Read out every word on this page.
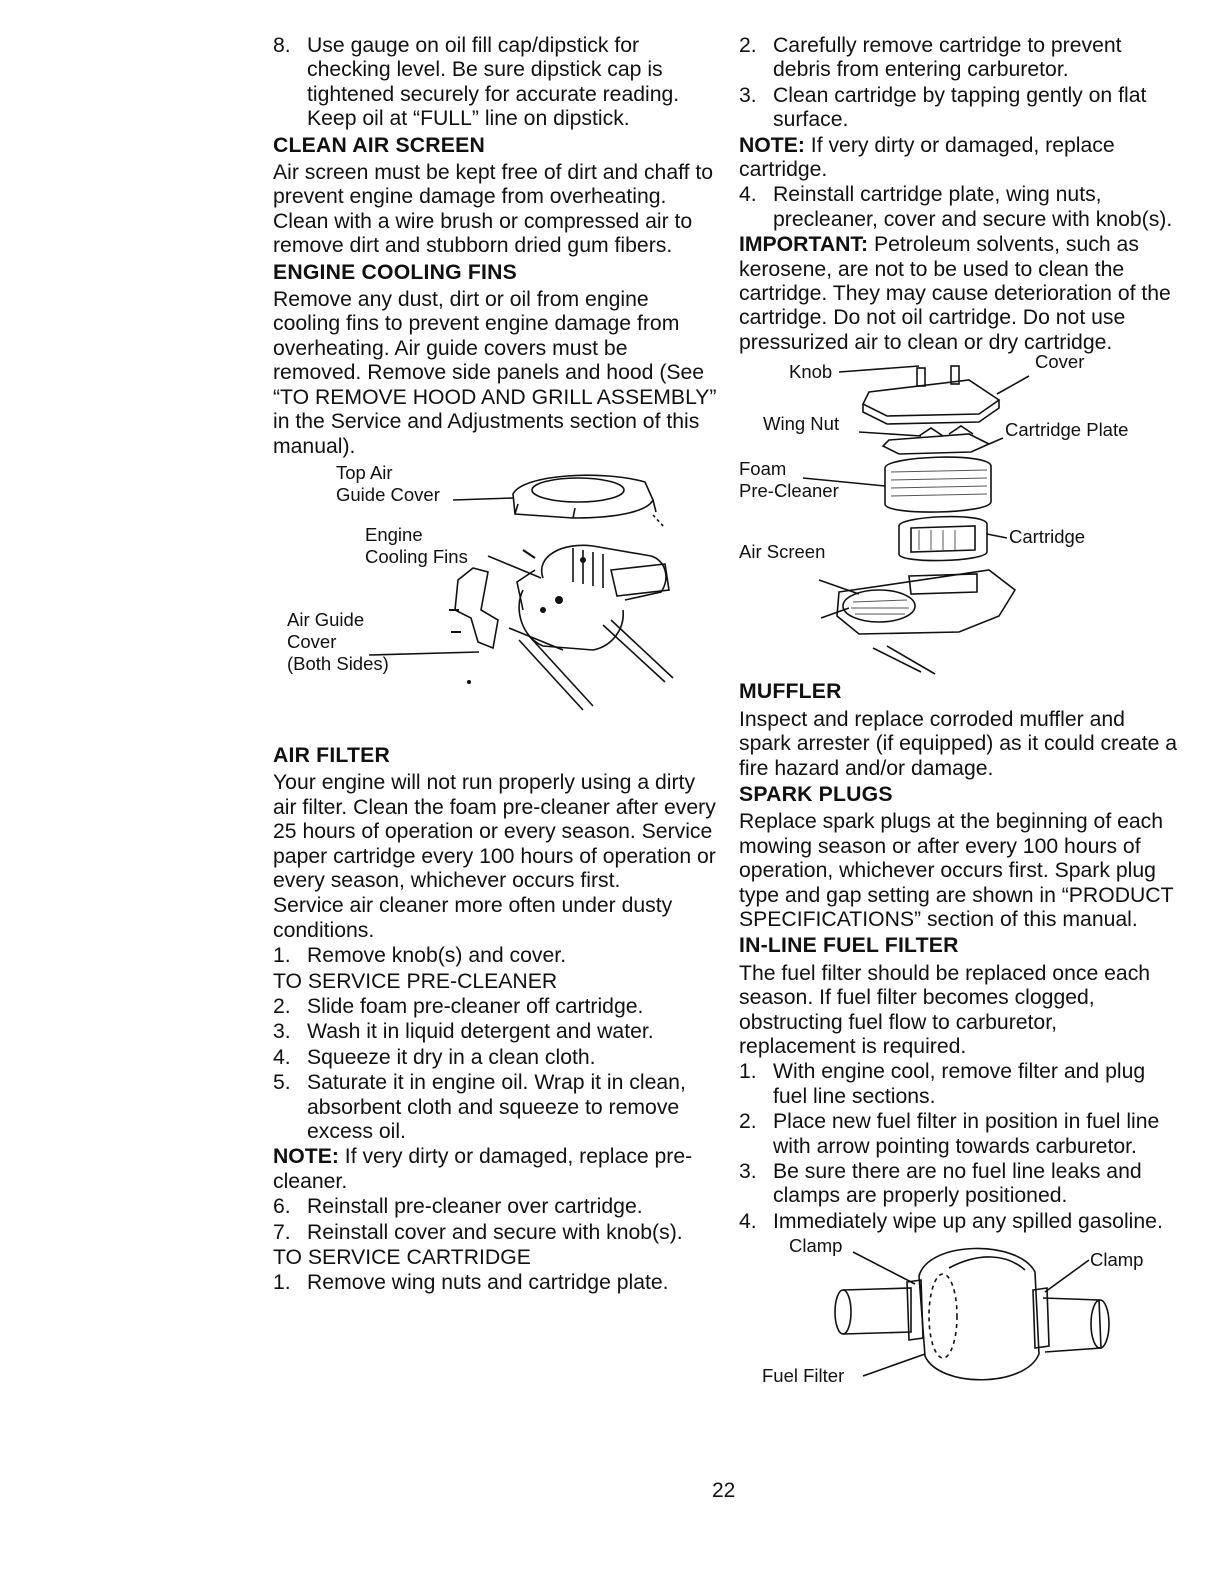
8. Use gauge on oil fill cap/dipstick for checking level. Be sure dipstick cap is tightened securely for accurate reading. Keep oil at “FULL” line on dipstick.
CLEAN AIR SCREEN

Air screen must be kept free of dirt and chaff to prevent engine damage from overheating. Clean with a wire brush or compressed air to remove dirt and stubborn dried gum fibers.

ENGINE COOLING FINS

Remove any dust, dirt or oil from engine cooling fins to prevent engine damage from overheating. Air guide covers must be removed. Remove side panels and hood (See “TO REMOVE HOOD AND GRILL ASSEMBLY” in the Service and Adjustments section of this manual).

Top Air
Guide Cover
Engine
Cooling Fins
Air Guide
Cover
(Both Sides)
AIR FILTER

Your engine will not run properly using a dirty air filter. Clean the foam pre-cleaner after every 25 hours of operation or every season. Service paper cartridge every 100 hours of operation or every season, whichever occurs first.

Service air cleaner more often under dusty conditions.

1. Remove knob(s) and cover.
TO SERVICE PRE-CLEANER
2. Slide foam pre-cleaner off cartridge.
3. Wash it in liquid detergent and water.
4. Squeeze it dry in a clean cloth.
5. Saturate it in engine oil. Wrap it in clean, absorbent cloth and squeeze to remove excess oil.

NOTE: If very dirty or damaged, replace pre-cleaner.

6. Reinstall pre-cleaner over cartridge.
7. Reinstall cover and secure with knob(s).
TO SERVICE CARTRIDGE
1. Remove wing nuts and cartridge plate.
2. Carefully remove cartridge to prevent debris from entering carburetor.
3. Clean cartridge by tapping gently on flat surface.

NOTE: If very dirty or damaged, replace cartridge.

4. Reinstall cartridge plate, wing nuts, precleaner, cover and secure with knob(s).

IMPORTANT: Petroleum solvents, such as kerosene, are not to be used to clean the cartridge. They may cause deterioration of the cartridge. Do not oil cartridge. Do not use pressurized air to clean or dry cartridge.

Knob	Cover
Wing Nut	Cartridge Plate
Foam
Pre-Cleaner
Cartridge
Air Screen
MUFFLER

Inspect and replace corroded muffler and spark arrester (if equipped) as it could create a fire hazard and/or damage.

SPARK PLUGS

Replace spark plugs at the beginning of each mowing season or after every 100 hours of operation, whichever occurs first. Spark plug type and gap setting are shown in “PRODUCT SPECIFICATIONS” section of this manual.

IN-LINE FUEL FILTER

The fuel filter should be replaced once each season. If fuel filter becomes clogged, obstructing fuel flow to carburetor, replacement is required.

1. With engine cool, remove filter and plug fuel line sections.
2. Place new fuel filter in position in fuel line with arrow pointing towards carburetor.
3. Be sure there are no fuel line leaks and clamps are properly positioned.
4. Immediately wipe up any spilled gasoline.
Clamp
Clamp
Fuel Filter
22
